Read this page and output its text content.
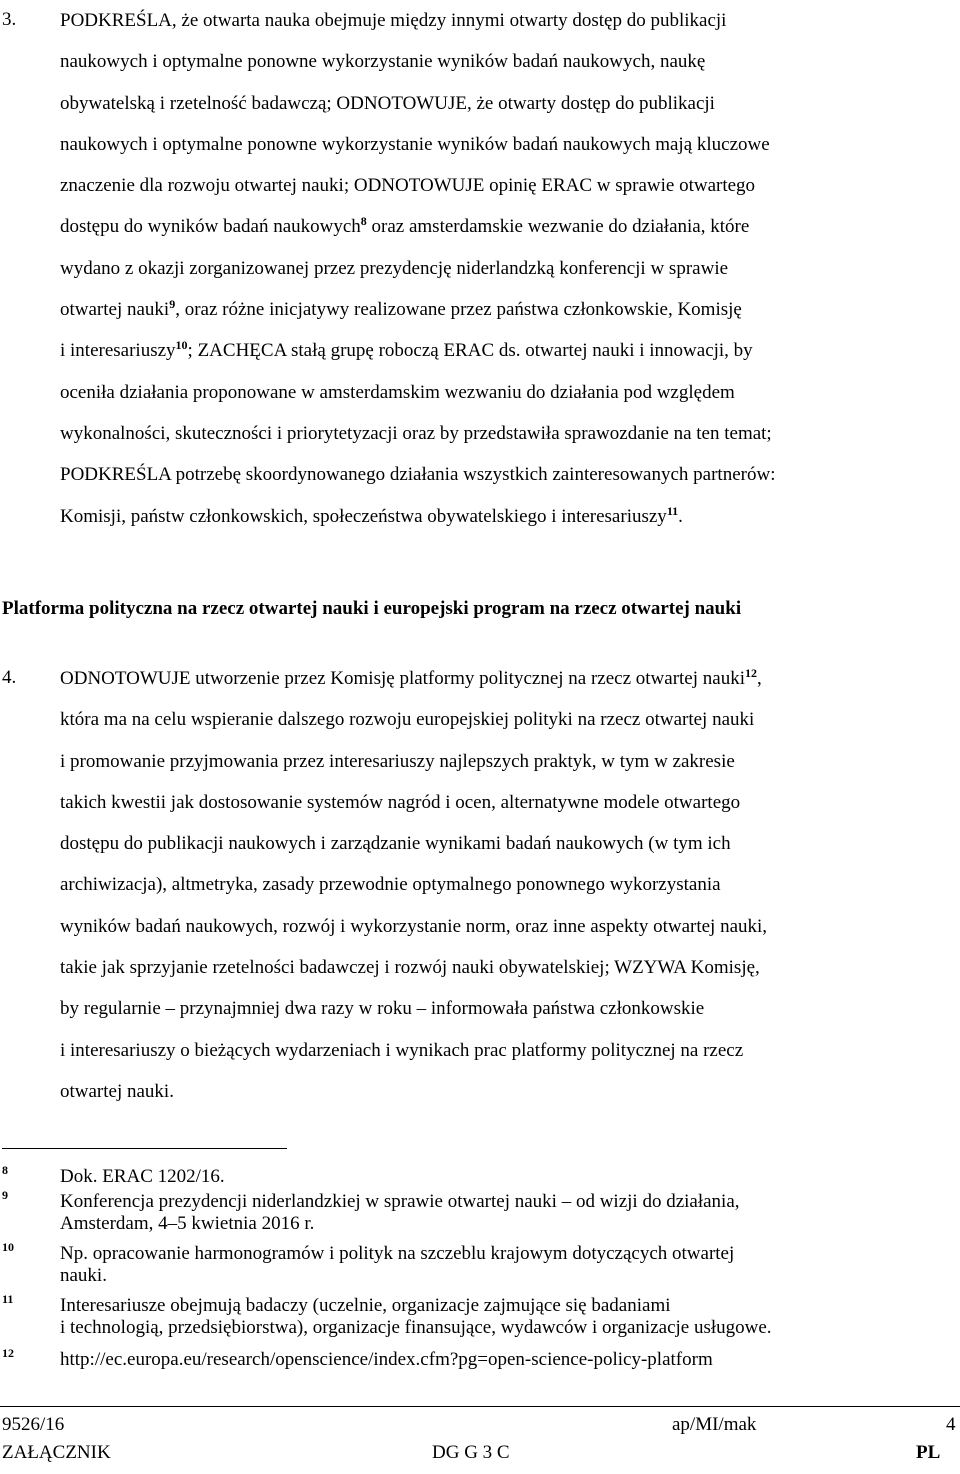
3. PODKREŚLA, że otwarta nauka obejmuje między innymi otwarty dostęp do publikacji
naukowych i optymalne ponowne wykorzystanie wyników badań naukowych, naukę
obywatelską i rzetelność badawczą; ODNOTOWUJE, że otwarty dostęp do publikacji
naukowych i optymalne ponowne wykorzystanie wyników badań naukowych mają kluczowe
znaczenie dla rozwoju otwartej nauki; ODNOTOWUJE opinię ERAC w sprawie otwartego
dostępu do wyników badań naukowych$^8$ oraz amsterdamskie wezwanie do działania, które
wydano z okazji zorganizowanej przez prezydencję niderlandzką konferencji w sprawie
otwartej nauki$^9$, oraz różne inicjatywy realizowane przez państwa członkowskie, Komisję
i interesariuszy$^{10}$; ZACHĘCA stałą grupę roboczą ERAC ds. otwartej nauki i innowacji, by
oceniła działania proponowane w amsterdamskim wezwaniu do działania pod względem
wykonalności, skuteczności i priorytetyzacji oraz by przedstawiła sprawozdanie na ten temat;
PODKREŚLA potrzebę skoordynowanego działania wszystkich zainteresowanych partnerów:
Komisji, państw członkowskich, społeczeństwa obywatelskiego i interesariuszy$^{11}$.
Platforma polityczna na rzecz otwartej nauki i europejski program na rzecz otwartej nauki
4. ODNOTOWUJE utworzenie przez Komisję platformy politycznej na rzecz otwartej nauki$^{12}$,
która ma na celu wspieranie dalszego rozwoju europejskiej polityki na rzecz otwartej nauki
i promowanie przyjmowania przez interesariuszy najlepszych praktyk, w tym w zakresie
takich kwestii jak dostosowanie systemów nagród i ocen, alternatywne modele otwartego
dostępu do publikacji naukowych i zarządzanie wynikami badań naukowych (w tym ich
archiwizacja), altmetryka, zasady przewodnie optymalnego ponownego wykorzystania
wyników badań naukowych, rozwój i wykorzystanie norm, oraz inne aspekty otwartej nauki,
takie jak sprzyjanie rzetelności badawczej i rozwój nauki obywatelskiej; WZYWA Komisję,
by regularnie – przynajmniej dwa razy w roku – informowała państwa członkowskie
i interesariuszy o bieżących wydarzeniach i wynikach prac platformy politycznej na rzecz
otwartej nauki.
8	Dok. ERAC 1202/16.
9	Konferencja prezydencji niderlandzkiej w sprawie otwartej nauki – od wizji do działania,
Amsterdam, 4–5 kwietnia 2016 r.
10 Np. opracowanie harmonogramów i polityk na szczeblu krajowym dotyczących otwartej
nauki.
11 Interesariusze obejmują badaczy (uczelnie, organizacje zajmujące się badaniami
i technologią, przedsiębiorstwa), organizacje finansujące, wydawców i organizacje usługowe.
12 http://ec.europa.eu/research/openscience/index.cfm?pg=open-science-policy-platform
9526/16	ap/MI/mak	4
ZAŁĄCZNIK	DG G 3 C	PL
